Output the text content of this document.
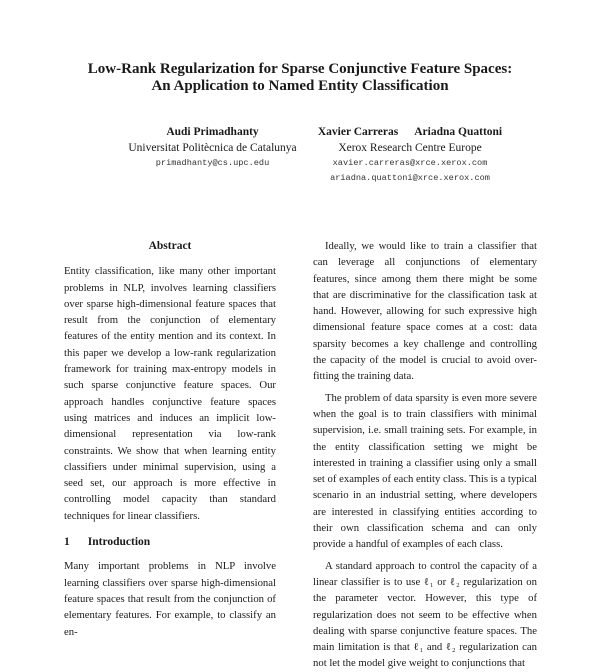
Low-Rank Regularization for Sparse Conjunctive Feature Spaces:
An Application to Named Entity Classification
Audi Primadhanty
Universitat Politècnica de Catalunya
primadhanty@cs.upc.edu
Xavier Carreras Ariadna Quattoni
Xerox Research Centre Europe
xavier.carreras@xrce.xerox.com
ariadna.quattoni@xrce.xerox.com
Abstract

Entity classification, like many other important problems in NLP, involves learning classifiers over sparse high-dimensional feature spaces that result from the conjunction of elementary features of the entity mention and its context. In this paper we develop a low-rank regularization framework for training max-entropy models in such sparse conjunctive feature spaces. Our approach handles conjunctive feature spaces using matrices and induces an implicit low-dimensional representation via low-rank constraints. We show that when learning entity classifiers under minimal supervision, using a seed set, our approach is more effective in controlling model capacity than standard techniques for linear classifiers.

1 Introduction

Many important problems in NLP involve learning classifiers over sparse high-dimensional feature spaces that result from the conjunction of elementary features. For example, to classify an en-

Ideally, we would like to train a classifier that can leverage all conjunctions of elementary features, since among them there might be some that are discriminative for the classification task at hand. However, allowing for such expressive high dimensional feature space comes at a cost: data sparsity becomes a key challenge and controlling the capacity of the model is crucial to avoid over-fitting the training data.

The problem of data sparsity is even more severe when the goal is to train classifiers with minimal supervision, i.e. small training sets. For example, in the entity classification setting we might be interested in training a classifier using only a small set of examples of each entity class. This is a typical scenario in an industrial setting, where developers are interested in classifying entities according to their own classification schema and can only provide a handful of examples of each class.

A standard approach to control the capacity of a linear classifier is to use ℓ₁ or ℓ₂ regularization on the parameter vector. However, this type of regularization does not seem to be effective when dealing with sparse conjunctive feature spaces. The main limitation is that ℓ₁ and ℓ₂ regularization can not let the model give weight to conjunctions that
